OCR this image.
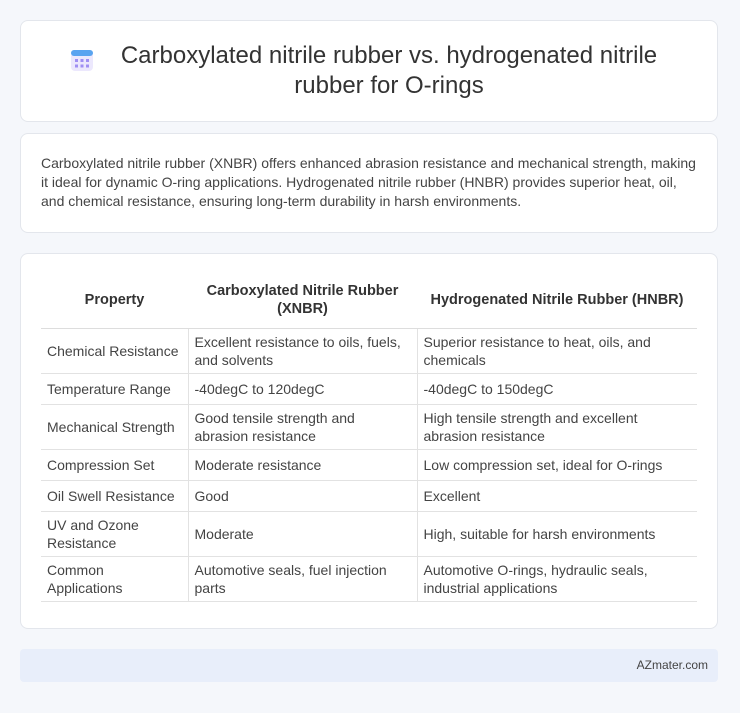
Carboxylated nitrile rubber vs. hydrogenated nitrile rubber for O-rings

Carboxylated nitrile rubber (XNBR) offers enhanced abrasion resistance and mechanical strength, making it ideal for dynamic O-ring applications. Hydrogenated nitrile rubber (HNBR) provides superior heat, oil, and chemical resistance, ensuring long-term durability in harsh environments.

Property	Carboxylated Nitrile Rubber (XNBR)	Hydrogenated Nitrile Rubber (HNBR)
Chemical Resistance	Excellent resistance to oils, fuels, and solvents	Superior resistance to heat, oils, and chemicals
Temperature Range	-40degC to 120degC	-40degC to 150degC
Mechanical Strength	Good tensile strength and abrasion resistance	High tensile strength and excellent abrasion resistance
Compression Set	Moderate resistance	Low compression set, ideal for O-rings
Oil Swell Resistance	Good	Excellent
UV and Ozone Resistance	Moderate	High, suitable for harsh environments
Common Applications	Automotive seals, fuel injection parts	Automotive O-rings, hydraulic seals, industrial applications
AZmater.com
